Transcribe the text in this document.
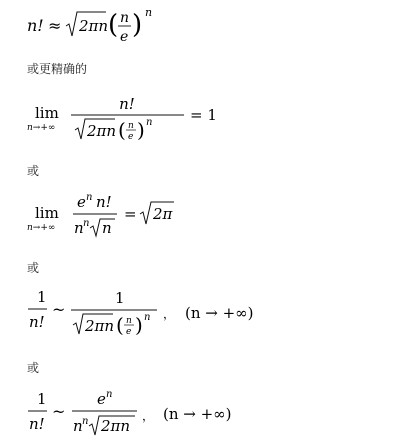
n! ≈ 2πn ( n
e ) n
或更精确的
lim
n→+∞
n!
2πn ( n
e ) n	= 1
或
lim
n→+∞
e n n!
n n n
= 2π
或
1
n!
~
1
2πn ( n
e ) n ， (n → +∞)
或
1
n!
~
e n
n n 2πn
， (n → +∞)
